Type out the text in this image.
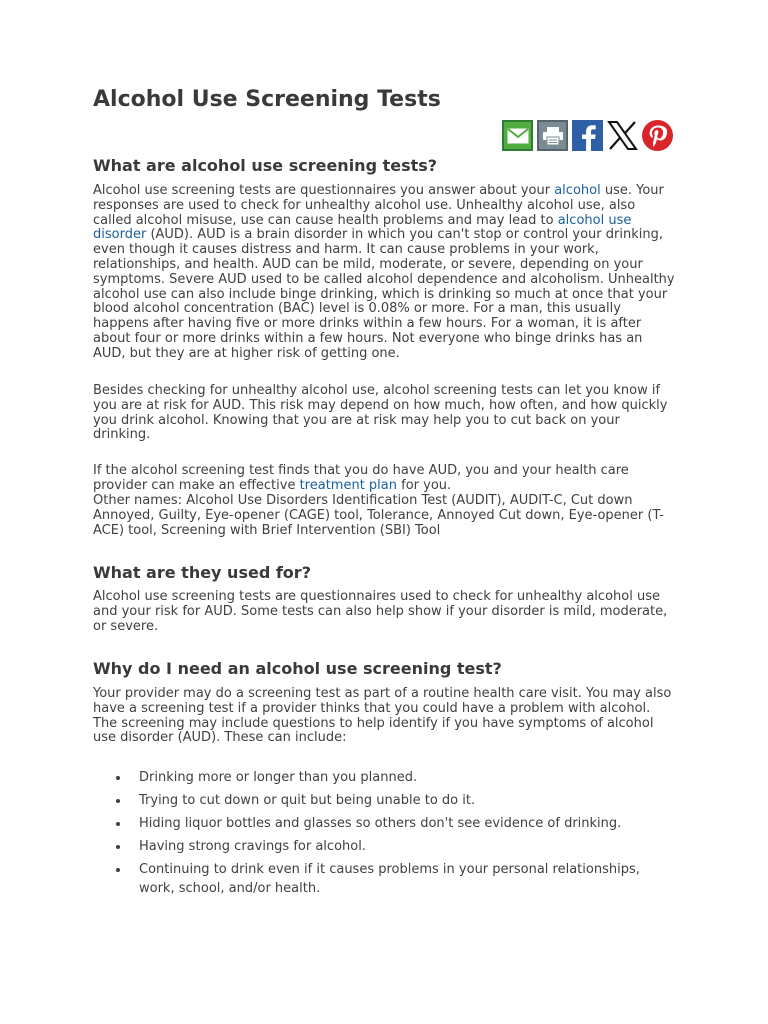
Alcohol Use Screening Tests
What are alcohol use screening tests?
Alcohol use screening tests are questionnaires you answer about your alcohol use. Your responses are used to check for unhealthy alcohol use. Unhealthy alcohol use, also called alcohol misuse, use can cause health problems and may lead to alcohol use disorder (AUD). AUD is a brain disorder in which you can't stop or control your drinking, even though it causes distress and harm. It can cause problems in your work, relationships, and health. AUD can be mild, moderate, or severe, depending on your symptoms. Severe AUD used to be called alcohol dependence and alcoholism. Unhealthy alcohol use can also include binge drinking, which is drinking so much at once that your blood alcohol concentration (BAC) level is 0.08% or more. For a man, this usually happens after having five or more drinks within a few hours. For a woman, it is after about four or more drinks within a few hours. Not everyone who binge drinks has an AUD, but they are at higher risk of getting one.
Besides checking for unhealthy alcohol use, alcohol screening tests can let you know if you are at risk for AUD. This risk may depend on how much, how often, and how quickly you drink alcohol. Knowing that you are at risk may help you to cut back on your drinking.
If the alcohol screening test finds that you do have AUD, you and your health care provider can make an effective treatment plan for you.
Other names: Alcohol Use Disorders Identification Test (AUDIT), AUDIT-C, Cut down Annoyed, Guilty, Eye-opener (CAGE) tool, Tolerance, Annoyed Cut down, Eye-opener (T-ACE) tool, Screening with Brief Intervention (SBI) Tool
What are they used for?
Alcohol use screening tests are questionnaires used to check for unhealthy alcohol use and your risk for AUD. Some tests can also help show if your disorder is mild, moderate, or severe.
Why do I need an alcohol use screening test?
Your provider may do a screening test as part of a routine health care visit. You may also have a screening test if a provider thinks that you could have a problem with alcohol. The screening may include questions to help identify if you have symptoms of alcohol use disorder (AUD). These can include:
Drinking more or longer than you planned.
Trying to cut down or quit but being unable to do it.
Hiding liquor bottles and glasses so others don't see evidence of drinking.
Having strong cravings for alcohol.
Continuing to drink even if it causes problems in your personal relationships, work, school, and/or health.
